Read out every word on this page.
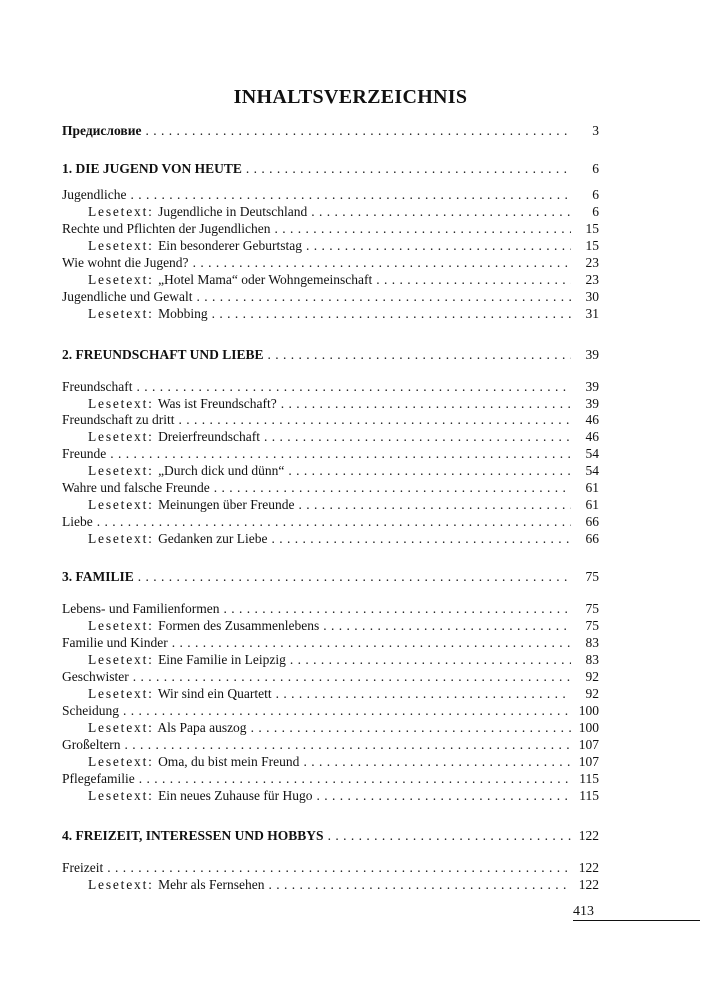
INHALTSVERZEICHNIS
Предисловие . . .	3
1. DIE JUGEND VON HEUTE . . .	6
Jugendliche . . .	6
Lesetext: Jugendliche in Deutschland . . .	6
Rechte und Pflichten der Jugendlichen . . .	15
Lesetext: Ein besonderer Geburtstag . . .	15
Wie wohnt die Jugend? . . .	23
Lesetext: „Hotel Mama“ oder Wohngemeinschaft . . .	23
Jugendliche und Gewalt . . .	30
Lesetext: Mobbing . . .	31
2. FREUNDSCHAFT UND LIEBE . . .	39
Freundschaft . . .	39
Lesetext: Was ist Freundschaft? . . .	39
Freundschaft zu dritt . . .	46
Lesetext: Dreierfreundschaft . . .	46
Freunde . . .	54
Lesetext: „Durch dick und dünn“ . . .	54
Wahre und falsche Freunde . . .	61
Lesetext: Meinungen über Freunde . . .	61
Liebe . . .	66
Lesetext: Gedanken zur Liebe . . .	66
3. FAMILIE . . .	75
Lebens- und Familienformen . . .	75
Lesetext: Formen des Zusammenlebens . . .	75
Familie und Kinder . . .	83
Lesetext: Eine Familie in Leipzig . . .	83
Geschwister . . .	92
Lesetext: Wir sind ein Quartett . . .	92
Scheidung . . .	100
Lesetext: Als Papa auszog . . .	100
Großeltern . . .	107
Lesetext: Oma, du bist mein Freund . . .	107
Pflegefamilie . . .	115
Lesetext: Ein neues Zuhause für Hugo . . .	115
4. FREIZEIT, INTERESSEN UND HOBBYS . . .	122
Freizeit . . .	122
Lesetext: Mehr als Fernsehen . . .	122
413
